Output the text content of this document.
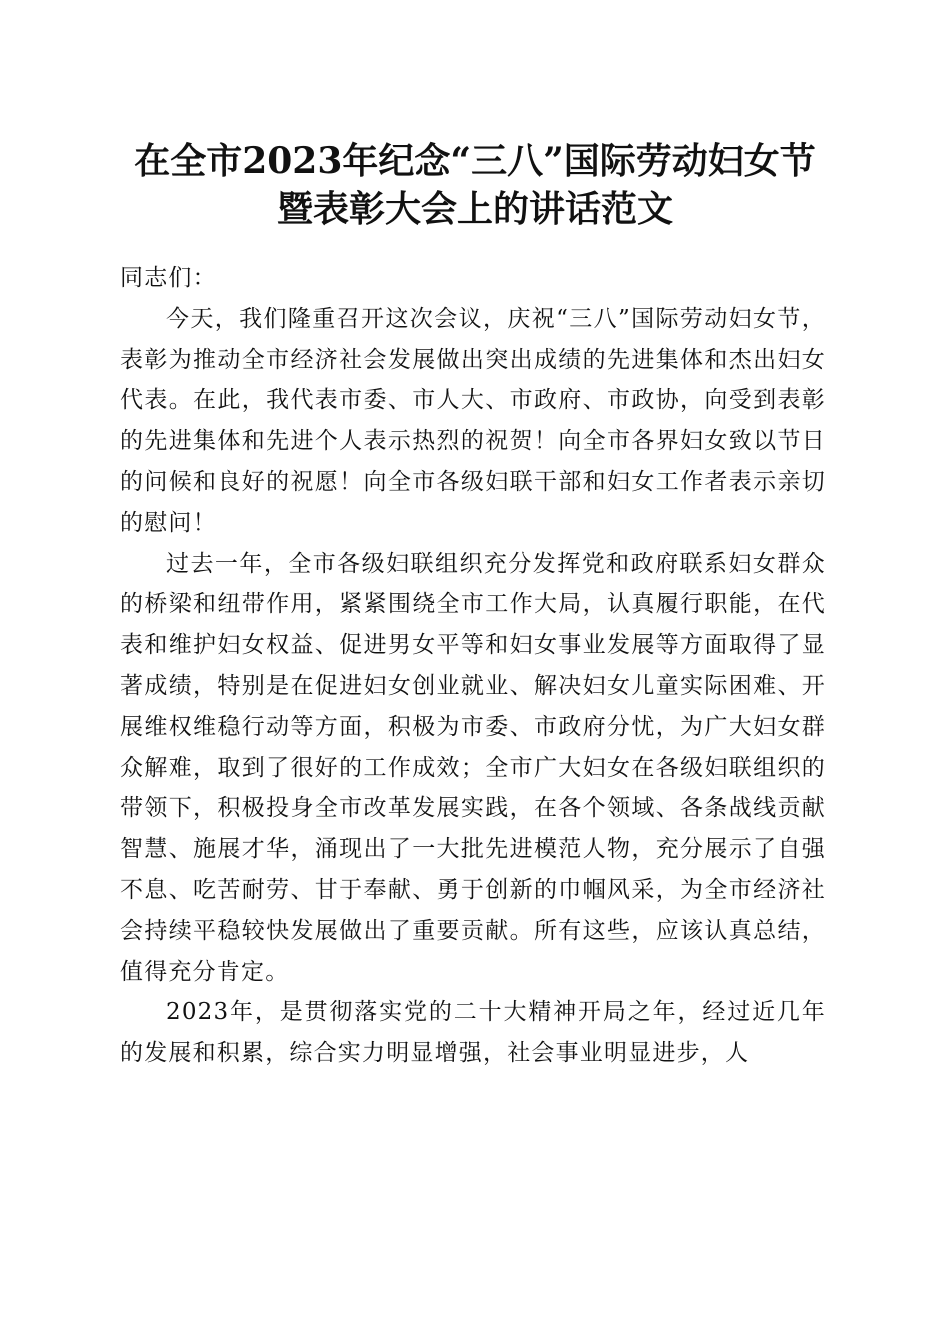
在全市2023年纪念“三八”国际劳动妇女节
暨表彰大会上的讲话范文

同志们：

今天，我们隆重召开这次会议，庆祝“三八”国际劳动妇女节，表彰为推动全市经济社会发展做出突出成绩的先进集体和杰出妇女代表。在此，我代表市委、市人大、市政府、市政协，向受到表彰的先进集体和先进个人表示热烈的祝贺！向全市各界妇女致以节日的问候和良好的祝愿！向全市各级妇联干部和妇女工作者表示亲切的慰问！

过去一年，全市各级妇联组织充分发挥党和政府联系妇女群众的桥梁和纽带作用，紧紧围绕全市工作大局，认真履行职能，在代表和维护妇女权益、促进男女平等和妇女事业发展等方面取得了显著成绩，特别是在促进妇女创业就业、解决妇女儿童实际困难、开展维权维稳行动等方面，积极为市委、市政府分忧，为广大妇女群众解难，取到了很好的工作成效；全市广大妇女在各级妇联组织的带领下，积极投身全市改革发展实践，在各个领域、各条战线贡献智慧、施展才华，涌现出了一大批先进模范人物，充分展示了自强不息、吃苦耐劳、甘于奉献、勇于创新的巾帼风采，为全市经济社会持续平稳较快发展做出了重要贡献。所有这些，应该认真总结，值得充分肯定。

2023年，是贯彻落实党的二十大精神开局之年，经过近几年的发展和积累，综合实力明显增强，社会事业明显进步，人
